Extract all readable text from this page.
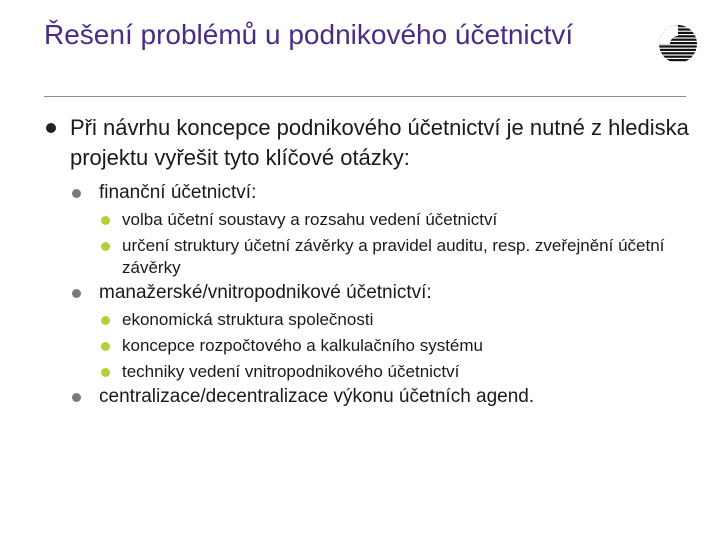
Řešení problémů u podnikového účetnictví
Při návrhu koncepce podnikového účetnictví je nutné z hlediska projektu vyřešit tyto klíčové otázky:
finanční účetnictví:
volba účetní soustavy a rozsahu vedení účetnictví
určení struktury účetní závěrky a pravidel auditu, resp. zveřejnění účetní závěrky
manažerské/vnitropodnikové účetnictví:
ekonomická struktura společnosti
koncepce rozpočtového a kalkulačního systému
techniky vedení vnitropodnikového účetnictví
centralizace/decentralizace výkonu účetních agend.
